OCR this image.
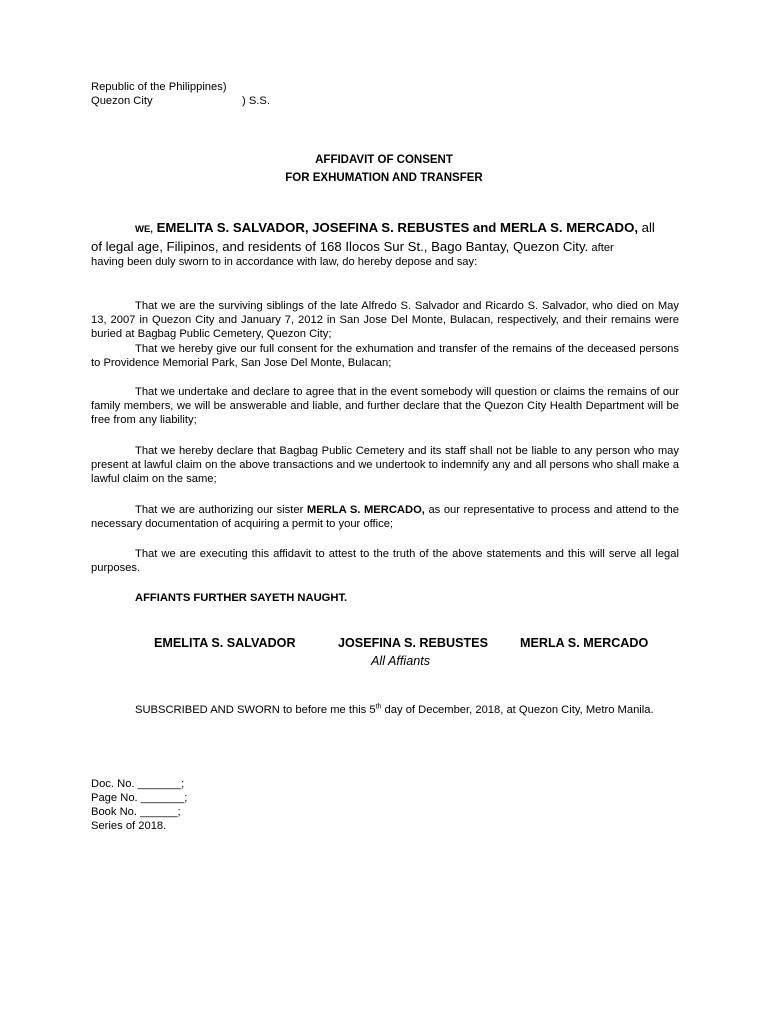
Republic of the Philippines)
Quezon City	) S.S.
AFFIDAVIT OF CONSENT
FOR EXHUMATION AND TRANSFER
WE, EMELITA S. SALVADOR, JOSEFINA S. REBUSTES and MERLA S. MERCADO, all
of legal age, Filipinos, and residents of 168 Ilocos Sur St., Bago Bantay, Quezon City. after
having been duly sworn to in accordance with law, do hereby depose and say:

That we are the surviving siblings of the late Alfredo S. Salvador and Ricardo S. Salvador, who died on May 13, 2007 in Quezon City and January 7, 2012 in San Jose Del Monte, Bulacan, respectively, and their remains were buried at Bagbag Public Cemetery, Quezon City;

That we hereby give our full consent for the exhumation and transfer of the remains of the deceased persons to Providence Memorial Park, San Jose Del Monte, Bulacan;

That we undertake and declare to agree that in the event somebody will question or claims the remains of our family members, we will be answerable and liable, and further declare that the Quezon City Health Department will be free from any liability;

That we hereby declare that Bagbag Public Cemetery and its staff shall not be liable to any person who may present at lawful claim on the above transactions and we undertook to indemnify any and all persons who shall make a lawful claim on the same;

That we are authorizing our sister MERLA S. MERCADO, as our representative to process and attend to the necessary documentation of acquiring a permit to your office;

That we are executing this affidavit to attest to the truth of the above statements and this will serve all legal purposes.

AFFIANTS FURTHER SAYETH NAUGHT.
EMELITA S. SALVADOR	JOSEFINA S. REBUSTES	MERLA S. MERCADO
All Affiants

SUBSCRIBED AND SWORN to before me this 5th day of December, 2018, at Quezon City, Metro Manila.

Doc. No. _______;
Page No. _______;
Book No. ______;
Series of 2018.
